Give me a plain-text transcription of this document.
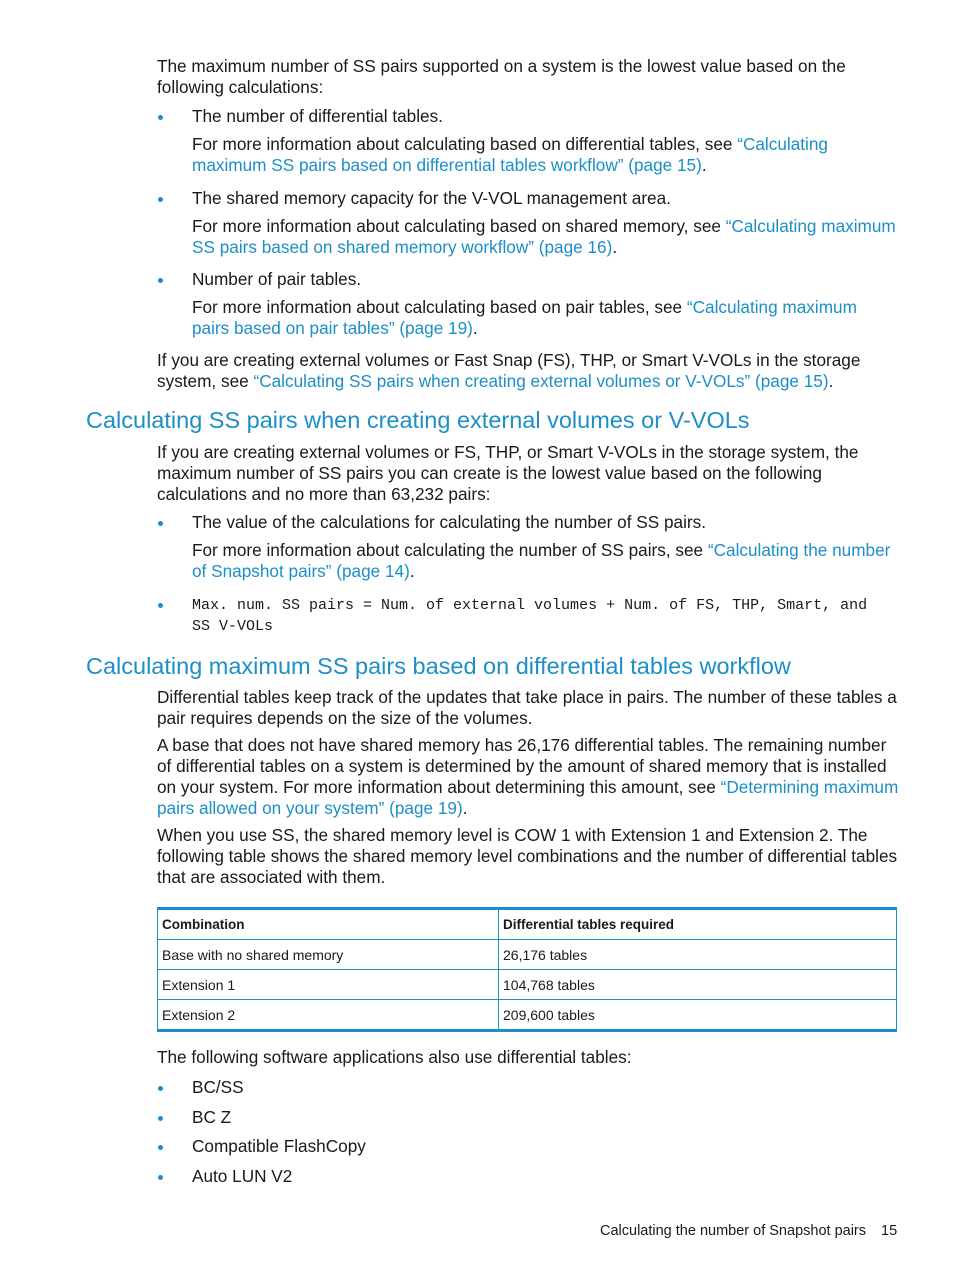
The maximum number of SS pairs supported on a system is the lowest value based on the following calculations:
The number of differential tables.
For more information about calculating based on differential tables, see “Calculating maximum SS pairs based on differential tables workflow” (page 15).
The shared memory capacity for the V-VOL management area.
For more information about calculating based on shared memory, see “Calculating maximum SS pairs based on shared memory workflow” (page 16).
Number of pair tables.
For more information about calculating based on pair tables, see “Calculating maximum pairs based on pair tables” (page 19).
If you are creating external volumes or Fast Snap (FS), THP, or Smart V-VOLs in the storage system, see “Calculating SS pairs when creating external volumes or V-VOLs” (page 15).
Calculating SS pairs when creating external volumes or V-VOLs
If you are creating external volumes or FS, THP, or Smart V-VOLs in the storage system, the maximum number of SS pairs you can create is the lowest value based on the following calculations and no more than 63,232 pairs:
The value of the calculations for calculating the number of SS pairs.
For more information about calculating the number of SS pairs, see “Calculating the number of Snapshot pairs” (page 14).
Max. num. SS pairs = Num. of external volumes + Num. of FS, THP, Smart, and SS V-VOLs
Calculating maximum SS pairs based on differential tables workflow
Differential tables keep track of the updates that take place in pairs. The number of these tables a pair requires depends on the size of the volumes.
A base that does not have shared memory has 26,176 differential tables. The remaining number of differential tables on a system is determined by the amount of shared memory that is installed on your system. For more information about determining this amount, see “Determining maximum pairs allowed on your system” (page 19).
When you use SS, the shared memory level is COW 1 with Extension 1 and Extension 2. The following table shows the shared memory level combinations and the number of differential tables that are associated with them.
Combination	Differential tables required
Base with no shared memory	26,176 tables
Extension 1	104,768 tables
Extension 2	209,600 tables
The following software applications also use differential tables:
BC/SS
BC Z
Compatible FlashCopy
Auto LUN V2
Calculating the number of Snapshot pairs 15
